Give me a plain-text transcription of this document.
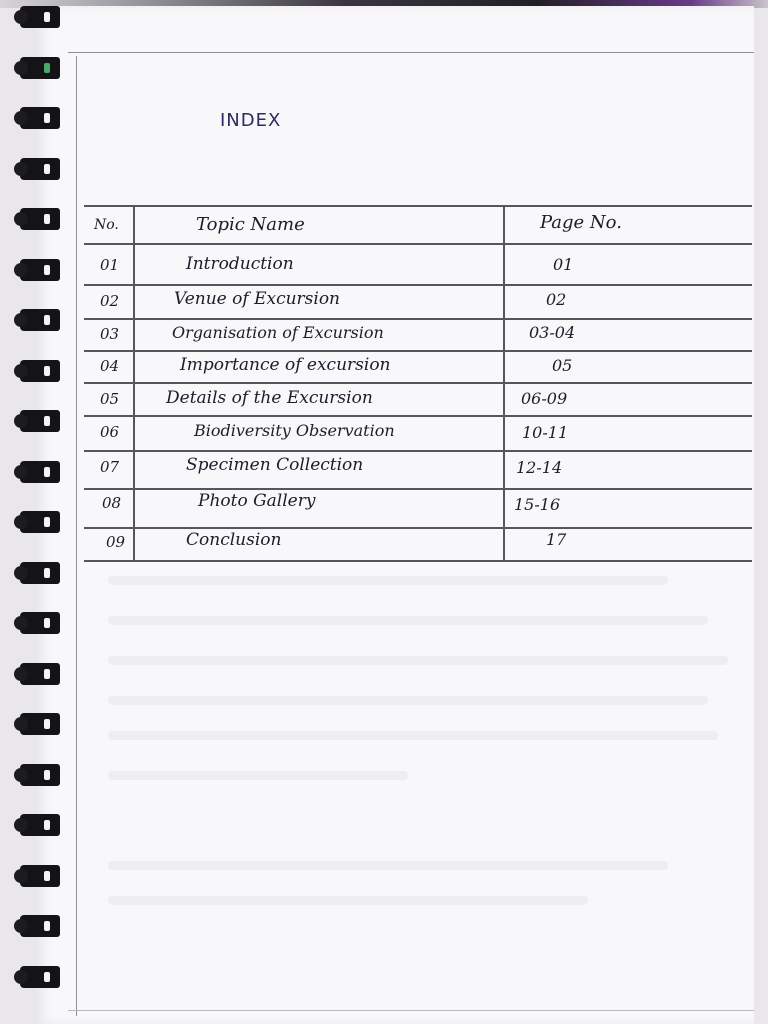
INDEX
No.	Topic Name	Page No.
01	Introduction	01
02	Venue of Excursion	02
03	Organisation of Excursion	03-04
04	Importance of excursion	05
05	Details of the Excursion	06-09
06	Biodiversity Observation	10-11
07	Specimen Collection	12-14
08	Photo Gallery	15-16
09	Conclusion	17
